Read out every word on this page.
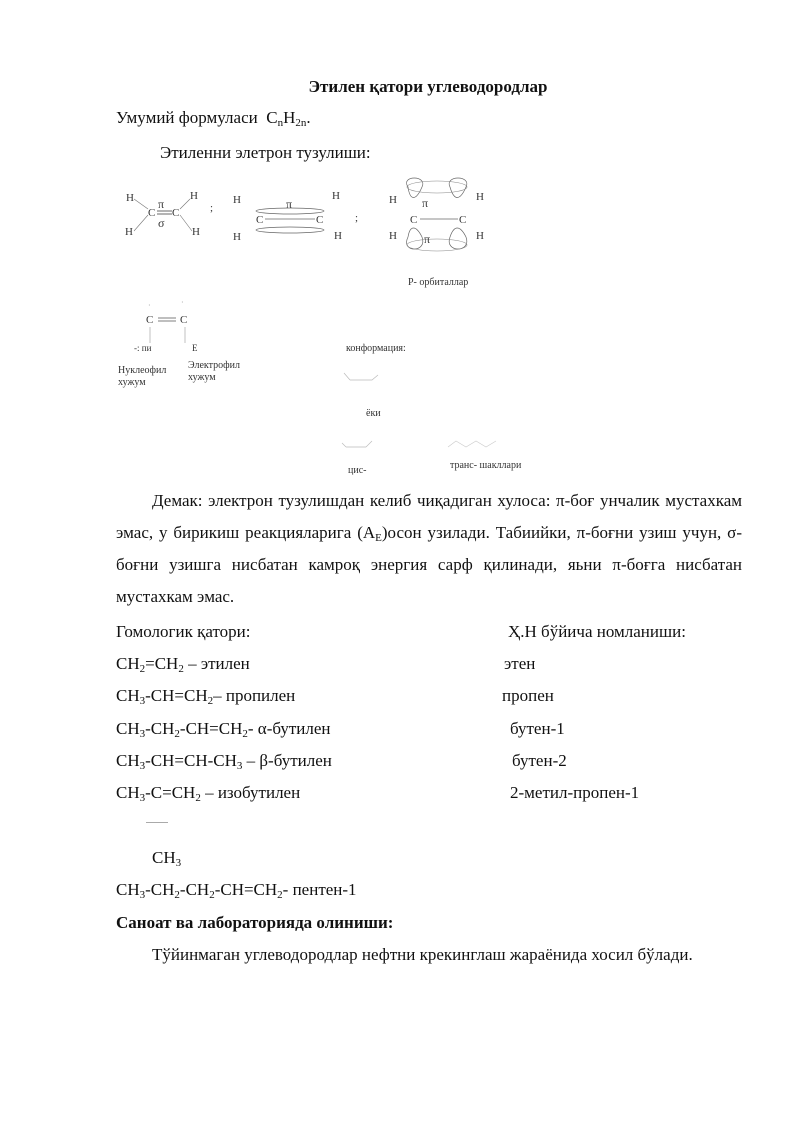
Этилен қатори углеводородлар
Умумий формуласи $C_nH_{2n}$.
Этиленни элетрон тузулиши:
H
H
H
H
C C
π
σ
;
H
H
H
H
C	C
π
;
H
H
H
H
C	C
π
π
P- орбиталлар
C C
·	·
-: пи	E
Нуклеофил
хужум
Электрофил
хужум
конформация:
ёки
цис-	транс- шакллари
Демак: электрон тузулишдан келиб чиқадиган хулоса: π-боғ унчалик мустахкам эмас, у бирикиш реакцияларига $(A_E)осон$ узилади. Табиийки, π-боғни узиш учун, σ-боғни узишга нисбатан камроқ энергия сарф қилинади, яьни π-боғга нисбатан мустахкам эмас.
Гомологик қатори:	Ҳ.Н бўйича номланиши:
$CH_2=CH_2$ – этилен	этен
$CH_3-CH=CH_2-$ пропилен	пропен
$CH_3-CH_2-CH=CH_2-$ α-бутилен	бутен-1
$CH_3-CH=CH-CH_3$ – β-бутилен	бутен-2
$CH_3-C=CH_2$ – изобутилен	2-метил-пропен-1
$CH_3$
$CH_3-CH_2-CH_2-CH=CH_2-$ пентен-1
Саноат ва лабораторияда олиниши:
Тўйинмаган углеводородлар нефтни крекинглаш жараёнида хосил бўлади.
